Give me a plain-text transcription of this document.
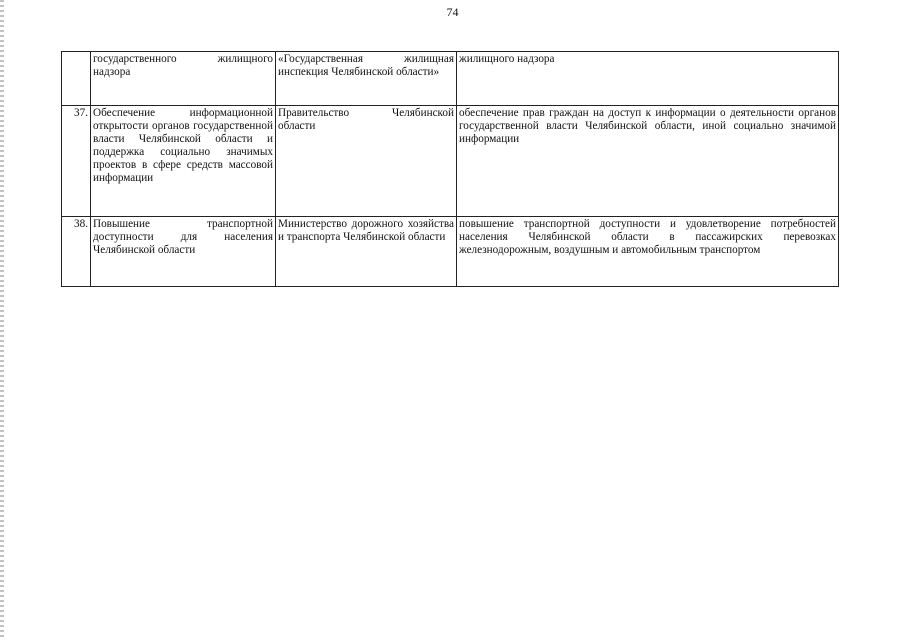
74
	государственного жилищного надзора	«Государственная жилищная инспекция Челябинской области»	жилищного надзора
37.	Обеспечение информационной открытости органов государственной власти Челябинской области и поддержка социально значимых проектов в сфере средств массовой информации	Правительство Челябинской области	обеспечение прав граждан на доступ к информации о деятельности органов государственной власти Челябинской области, иной социально значимой информации
38.	Повышение транспортной доступности для населения Челябинской области	Министерство дорожного хозяйства и транспорта Челябинской области	повышение транспортной доступности и удовлетворение потребностей населения Челябинской области в пассажирских перевозках железнодорожным, воздушным и автомобильным транспортом
